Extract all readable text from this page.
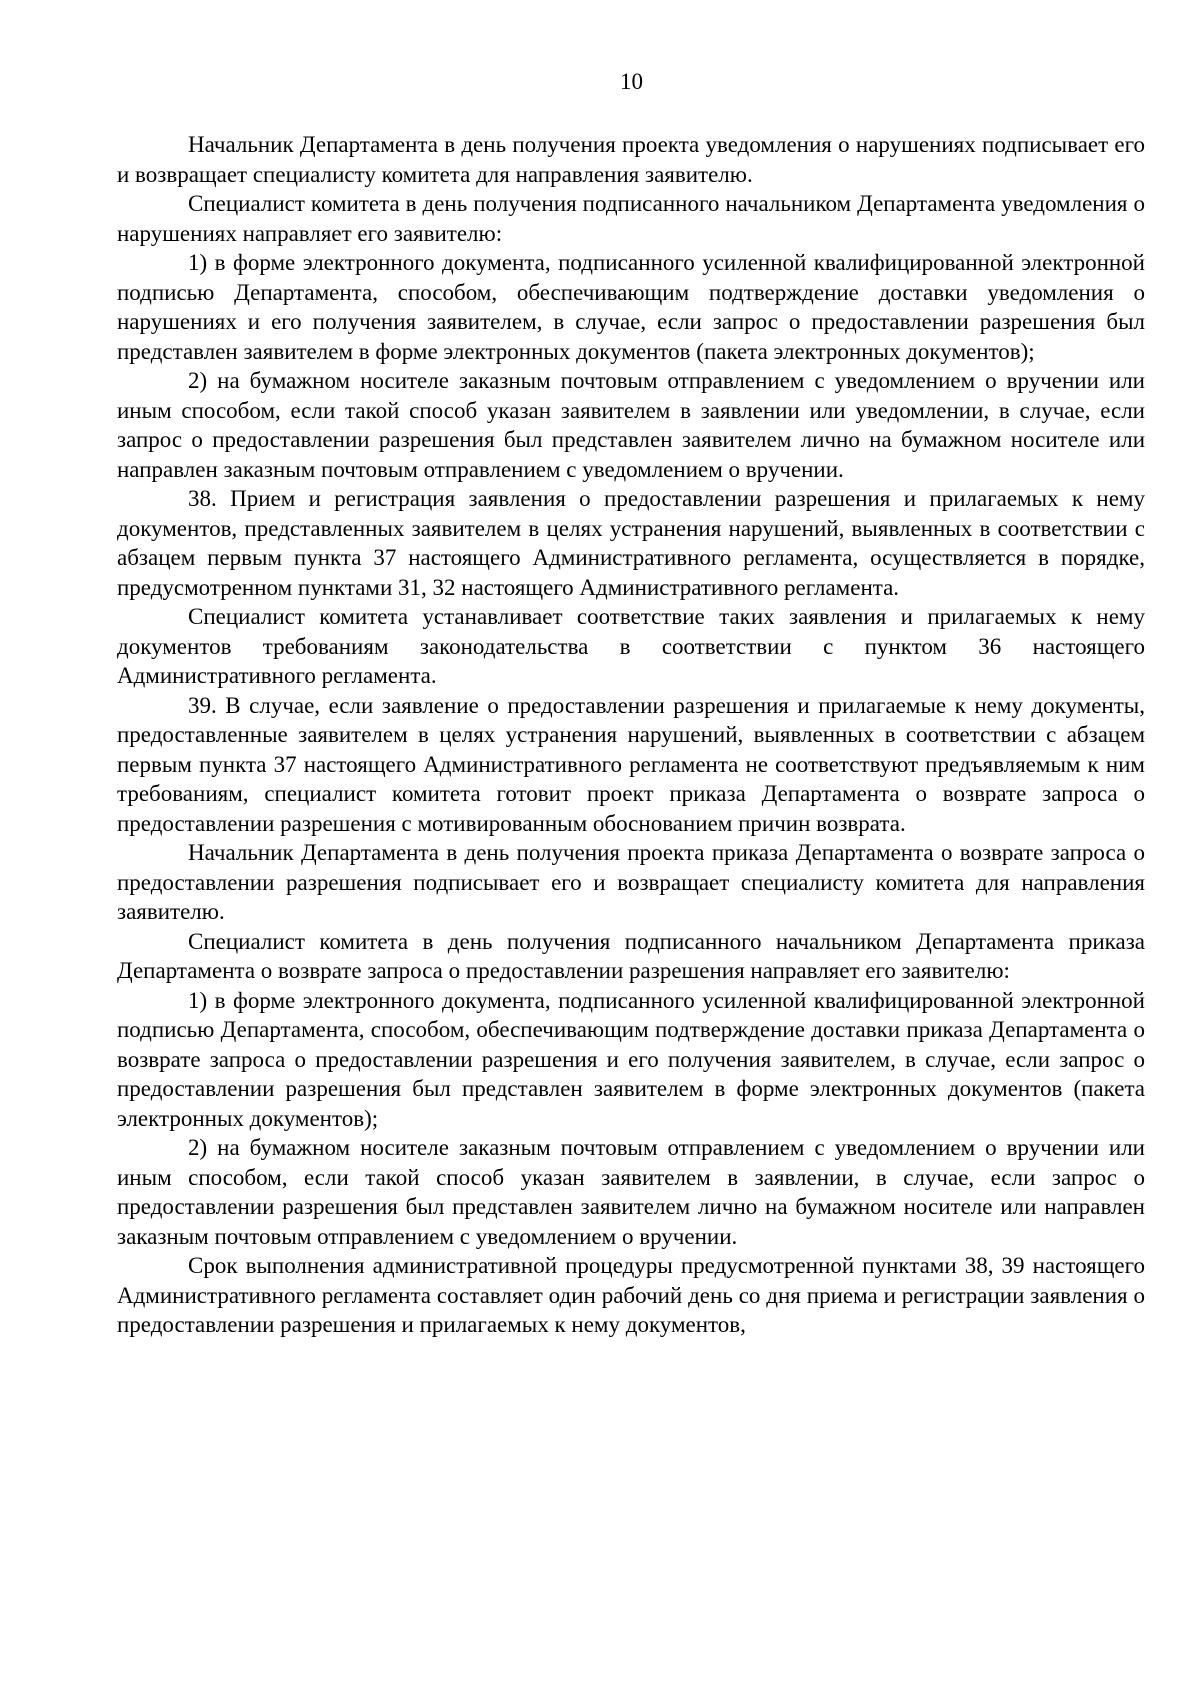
10

Начальник Департамента в день получения проекта уведомления о нарушениях подписывает его и возвращает специалисту комитета для направления заявителю.

Специалист комитета в день получения подписанного начальником Департамента уведомления о нарушениях направляет его заявителю:

1) в форме электронного документа, подписанного усиленной квалифицированной электронной подписью Департамента, способом, обеспечивающим подтверждение доставки уведомления о нарушениях и его получения заявителем, в случае, если запрос о предоставлении разрешения был представлен заявителем в форме электронных документов (пакета электронных документов);

2) на бумажном носителе заказным почтовым отправлением с уведомлением о вручении или иным способом, если такой способ указан заявителем в заявлении или уведомлении, в случае, если запрос о предоставлении разрешения был представлен заявителем лично на бумажном носителе или направлен заказным почтовым отправлением с уведомлением о вручении.

38. Прием и регистрация заявления о предоставлении разрешения и прилагаемых к нему документов, представленных заявителем в целях устранения нарушений, выявленных в соответствии с абзацем первым пункта 37 настоящего Административного регламента, осуществляется в порядке, предусмотренном пунктами 31, 32 настоящего Административного регламента.

Специалист комитета устанавливает соответствие таких заявления и прилагаемых к нему документов требованиям законодательства в соответствии с пунктом 36 настоящего Административного регламента.

39. В случае, если заявление о предоставлении разрешения и прилагаемые к нему документы, предоставленные заявителем в целях устранения нарушений, выявленных в соответствии с абзацем первым пункта 37 настоящего Административного регламента не соответствуют предъявляемым к ним требованиям, специалист комитета готовит проект приказа Департамента о возврате запроса о предоставлении разрешения с мотивированным обоснованием причин возврата.

Начальник Департамента в день получения проекта приказа Департамента о возврате запроса о предоставлении разрешения подписывает его и возвращает специалисту комитета для направления заявителю.

Специалист комитета в день получения подписанного начальником Департамента приказа Департамента о возврате запроса о предоставлении разрешения направляет его заявителю:

1) в форме электронного документа, подписанного усиленной квалифицированной электронной подписью Департамента, способом, обеспечивающим подтверждение доставки приказа Департамента о возврате запроса о предоставлении разрешения и его получения заявителем, в случае, если запрос о предоставлении разрешения был представлен заявителем в форме электронных документов (пакета электронных документов);

2) на бумажном носителе заказным почтовым отправлением с уведомлением о вручении или иным способом, если такой способ указан заявителем в заявлении, в случае, если запрос о предоставлении разрешения был представлен заявителем лично на бумажном носителе или направлен заказным почтовым отправлением с уведомлением о вручении.

Срок выполнения административной процедуры предусмотренной пунктами 38, 39 настоящего Административного регламента составляет один рабочий день со дня приема и регистрации заявления о предоставлении разрешения и прилагаемых к нему документов,
